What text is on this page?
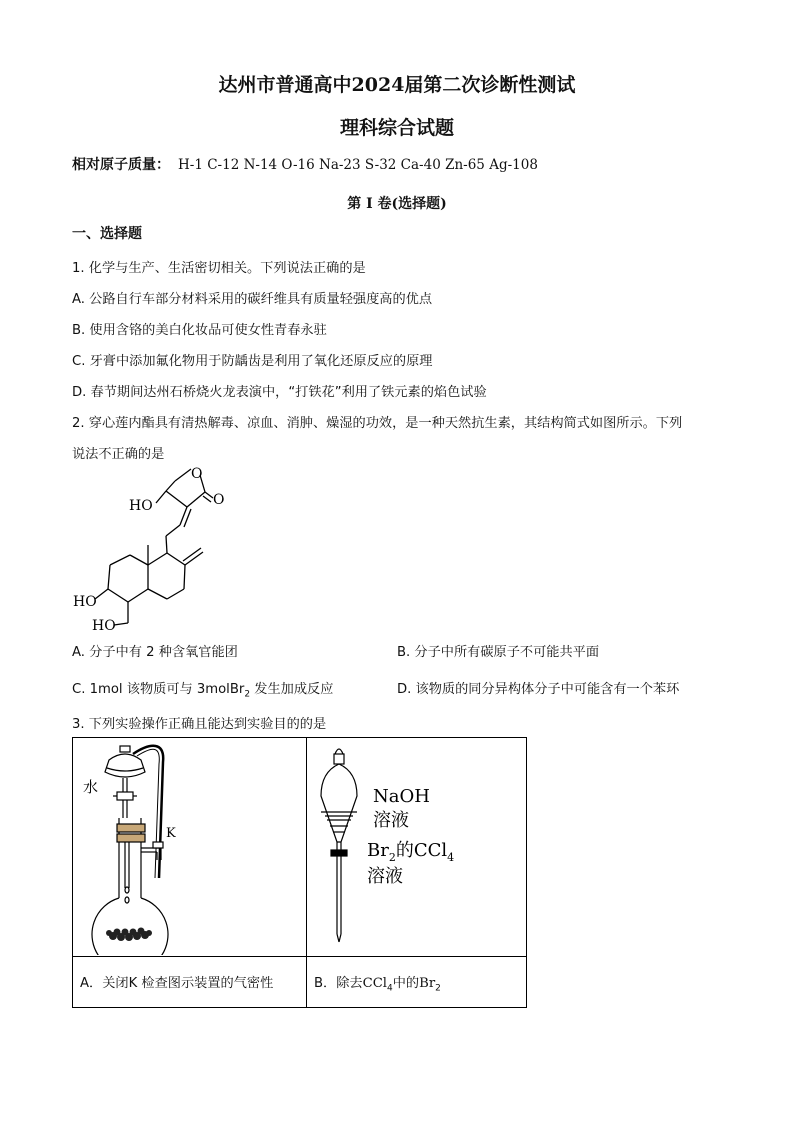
达州市普通高中2024届第二次诊断性测试
理科综合试题
相对原子质量： H-1 C-12 N-14 O-16 Na-23 S-32 Ca-40 Zn-65 Ag-108
第 I 卷(选择题)
一、选择题
1. 化学与生产、生活密切相关。下列说法正确的是
A. 公路自行车部分材料采用的碳纤维具有质量轻强度高的优点
B. 使用含铬的美白化妆品可使女性青春永驻
C. 牙膏中添加氟化物用于防龋齿是利用了氧化还原反应的原理
D. 春节期间达州石桥烧火龙表演中，“打铁花”利用了铁元素的焰色试验
2. 穿心莲内酯具有清热解毒、凉血、消肿、燥湿的功效，是一种天然抗生素，其结构简式如图所示。下列
说法不正确的是
O
O
HO
HO
HO
A. 分子中有 2 种含氧官能团	B. 分子中所有碳原子不可能共平面
C. 1mol 该物质可与 3molBr$_2$ 发生加成反应	D. 该物质的同分异构体分子中可能含有一个苯环
3. 下列实验操作正确且能达到实验目的的是
水
K
NaOH
溶液
$Br_2$的CCl$_4$
溶液
A．关闭K 检查图示装置的气密性	B．除去CCl$_4$中的$Br_2$
